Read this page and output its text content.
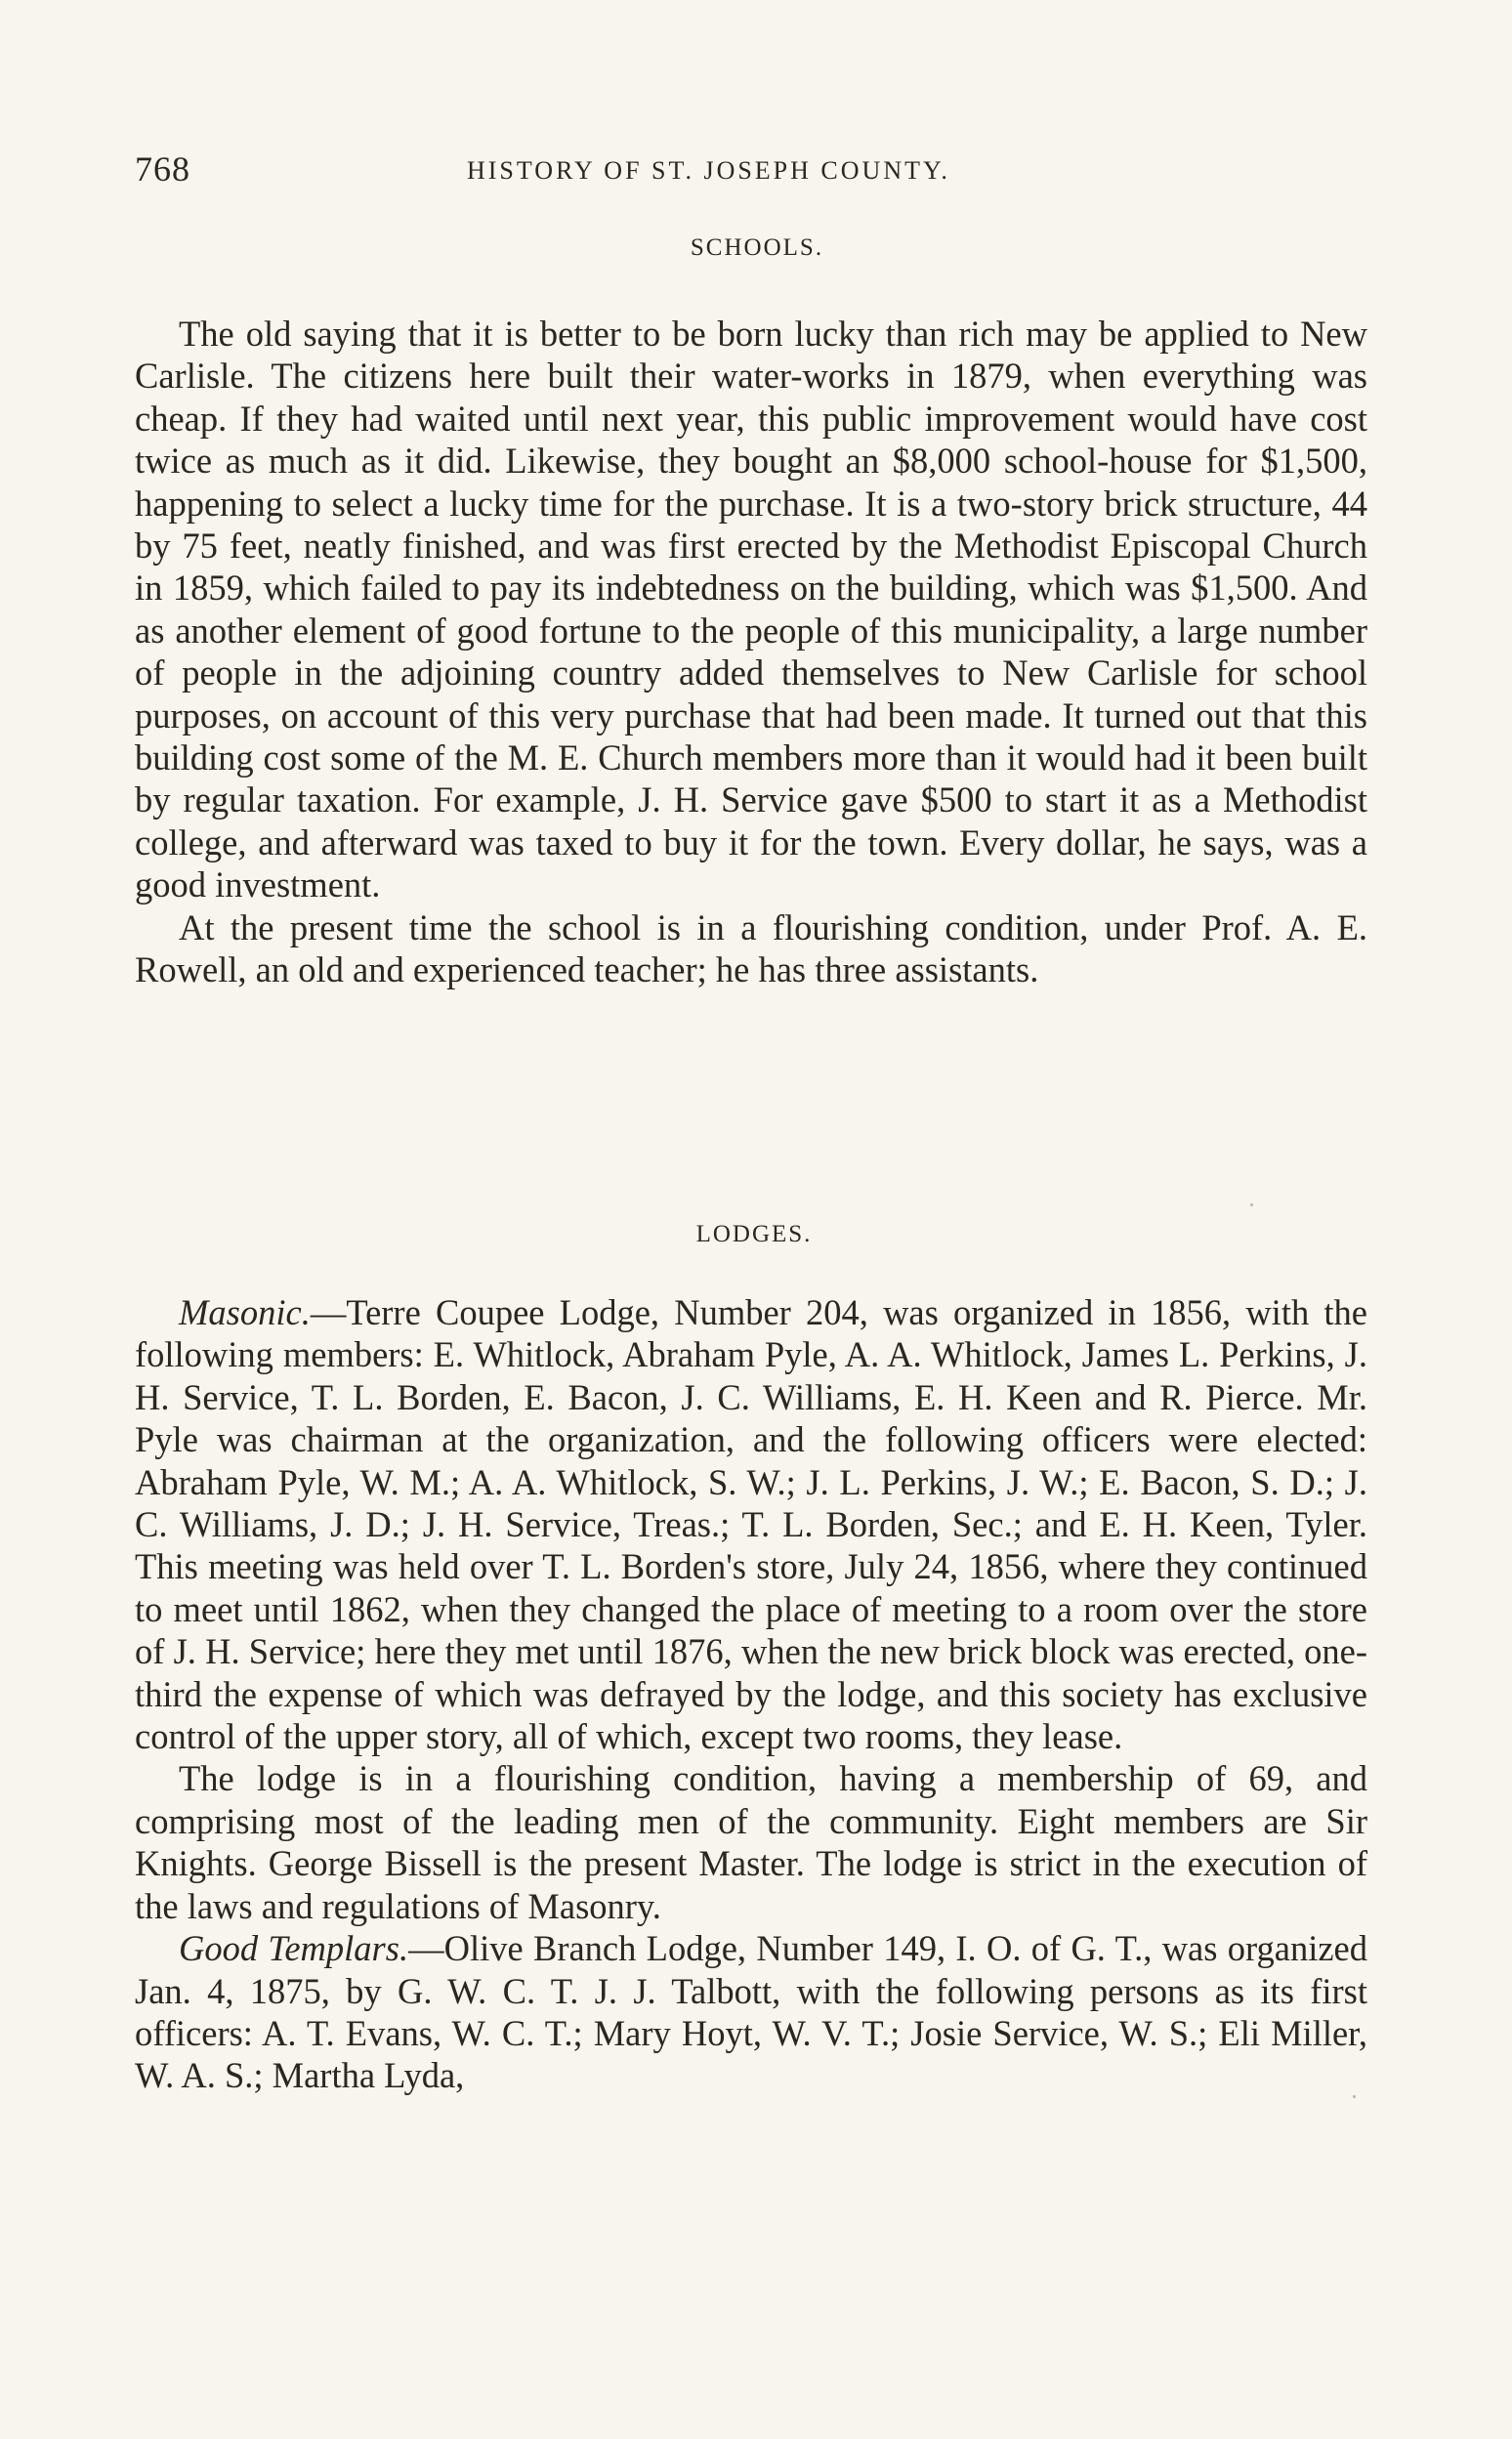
768	HISTORY OF ST. JOSEPH COUNTY.
SCHOOLS.

The old saying that it is better to be born lucky than rich may be applied to New Carlisle. The citizens here built their water-works in 1879, when everything was cheap. If they had waited until next year, this public improvement would have cost twice as much as it did. Likewise, they bought an $8,000 school-house for $1,500, happening to select a lucky time for the purchase. It is a two-story brick structure, 44 by 75 feet, neatly finished, and was first erected by the Methodist Episcopal Church in 1859, which failed to pay its indebtedness on the building, which was $1,500. And as another element of good fortune to the people of this municipality, a large number of people in the adjoining country added themselves to New Carlisle for school purposes, on account of this very purchase that had been made. It turned out that this building cost some of the M. E. Church members more than it would had it been built by regular taxation. For example, J. H. Service gave $500 to start it as a Methodist college, and afterward was taxed to buy it for the town. Every dollar, he says, was a good investment.

At the present time the school is in a flourishing condition, under Prof. A. E. Rowell, an old and experienced teacher; he has three assistants.

LODGES.

Masonic.—Terre Coupee Lodge, Number 204, was organized in 1856, with the following members: E. Whitlock, Abraham Pyle, A. A. Whitlock, James L. Perkins, J. H. Service, T. L. Borden, E. Bacon, J. C. Williams, E. H. Keen and R. Pierce. Mr. Pyle was chairman at the organization, and the following officers were elected: Abraham Pyle, W. M.; A. A. Whitlock, S. W.; J. L. Perkins, J. W.; E. Bacon, S. D.; J. C. Williams, J. D.; J. H. Service, Treas.; T. L. Borden, Sec.; and E. H. Keen, Tyler. This meeting was held over T. L. Borden's store, July 24, 1856, where they continued to meet until 1862, when they changed the place of meeting to a room over the store of J. H. Service; here they met until 1876, when the new brick block was erected, one-third the expense of which was defrayed by the lodge, and this society has exclusive control of the upper story, all of which, except two rooms, they lease.

The lodge is in a flourishing condition, having a membership of 69, and comprising most of the leading men of the community. Eight members are Sir Knights. George Bissell is the present Master. The lodge is strict in the execution of the laws and regulations of Masonry.

Good Templars.—Olive Branch Lodge, Number 149, I. O. of G. T., was organized Jan. 4, 1875, by G. W. C. T. J. J. Talbott, with the following persons as its first officers: A. T. Evans, W. C. T.; Mary Hoyt, W. V. T.; Josie Service, W. S.; Eli Miller, W. A. S.; Martha Lyda,
